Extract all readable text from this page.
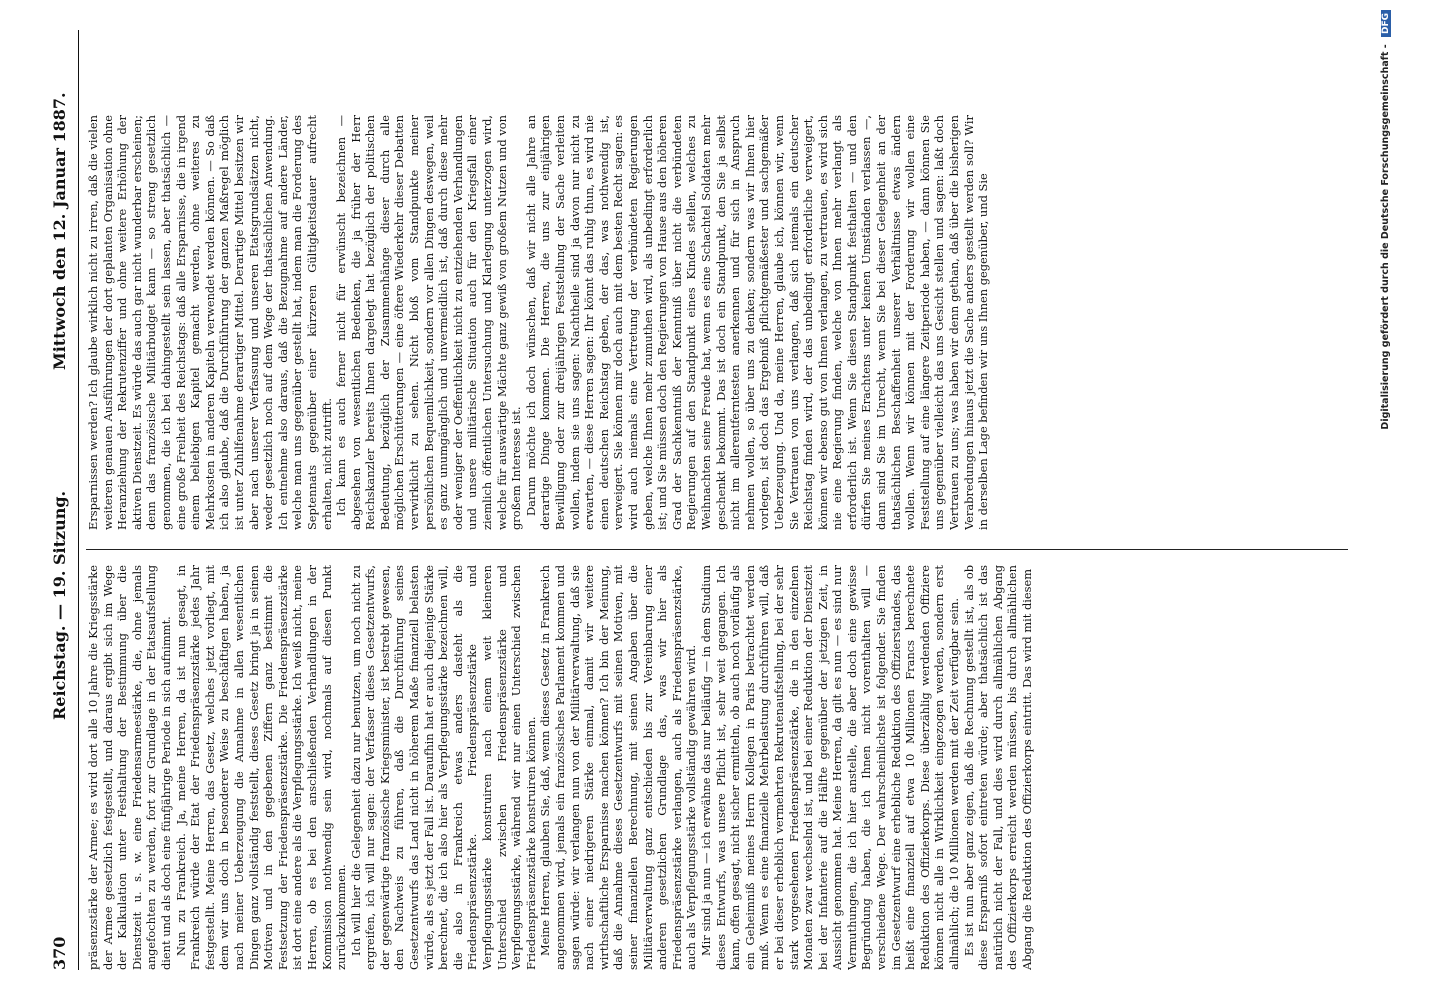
370
Reichstag. — 19. Sitzung.
Mittwoch den 12. Januar 1887.

präsenzstärke der Armee; es wird dort alle 10 Jahre die Kriegsstärke der Armee gesetzlich festgestellt, und daraus ergibt sich im Wege der Kalkulation unter Festhaltung der Bestimmung über die Dienstzeit u. s. w. eine Friedensarmeestärke, die, ohne jemals angefochten zu werden, fort zur Grundlage in der Etatsaufstellung dient und als doch eine fünfjährige Periode in sich aufnimmt. Nun zu Frankreich. Ja, meine Herren, da ist nun gesagt, in Frankreich würde der Etat der Friedenspräsenzstärke jedes Jahr festgestellt. Meine Herren, das Gesetz, welches jetzt vorliegt, mit dem wir uns doch in besonderer Weise zu beschäftigen haben, ja nach meiner Ueberzeugung die Annahme in allen wesentlichen Dingen ganz vollständig feststellt, dieses Gesetz bringt ja in seinen Motiven und in den gegebenen Ziffern ganz bestimmt die Festsetzung der Friedenspräsenzstärke. Die Friedenspräsenzstärke ist dort eine andere als die Verpflegungsstärke. Ich weiß nicht, meine Herren, ob es bei den anschließenden Verhandlungen in der Kommission nothwendig sein wird, nochmals auf diesen Punkt zurückzukommen. Ich will hier die Gelegenheit dazu nur benutzen, um noch nicht zu ergreifen, ich will nur sagen: der Verfasser dieses Gesetzentwurfs, der gegenwärtige französische Kriegsminister, ist bestrebt gewesen, den Nachweis zu führen, daß die Durchführung seines Gesetzentwurfs das Land nicht in höherem Maße finanziell belasten würde, als es jetzt der Fall ist. Daraufhin hat er auch diejenige Stärke berechnet, die ich also hier als Verpflegungsstärke bezeichnen will, die also in Frankreich etwas anders dasteht als die Friedenspräsenzstärke. Friedenspräsenzstärke und Verpflegungsstärke konstruiren nach einem weit kleineren Unterschied zwischen Friedenspräsenzstärke und Verpflegungsstärke, während wir nur einen Unterschied zwischen Friedenspräsenzstärke konstruiren können. Meine Herren, glauben Sie, daß, wenn dieses Gesetz in Frankreich angenommen wird, jemals ein französisches Parlament kommen und sagen würde: wir verlangen nun von der Militärverwaltung, daß sie nach einer niedrigeren Stärke einmal, damit wir weitere wirthschaftliche Ersparnisse machen können? Ich bin der Meinung, daß die Annahme dieses Gesetzentwurfs mit seinen Motiven, mit seiner finanziellen Berechnung, mit seinen Angaben über die Militärverwaltung ganz entschieden bis zur Vereinbarung einer anderen gesetzlichen Grundlage das, was wir hier als Friedenspräsenzstärke verlangen, auch als Friedenspräsenzstärke, auch als Verpflegungsstärke vollständig gewähren wird. Mir sind ja nun — ich erwähne das nur beiläufig — in dem Studium dieses Entwurfs, was unsere Pflicht ist, sehr weit gegangen. Ich kann, offen gesagt, nicht sicher ermitteln, ob auch noch vorläufig als ein Geheimniß meines Herrn Kollegen in Paris betrachtet werden muß. Wenn es eine finanzielle Mehrbelastung durchführen will, daß er bei dieser erheblich vermehrten Rekrutenaufstellung, bei der sehr stark vorgesehenen Friedenspräsenzstärke, die in den einzelnen Monaten zwar wechselnd ist, und bei einer Reduktion der Dienstzeit bei der Infanterie auf die Hälfte gegenüber der jetzigen Zeit, in Aussicht genommen hat. Meine Herren, da gilt es nun — es sind nur Vermuthungen, die ich hier anstelle, die aber doch eine gewisse Begründung haben, die ich Ihnen nicht vorenthalten will — verschiedene Wege. Der wahrscheinlichste ist folgender. Sie finden im Gesetzentwurf eine erhebliche Reduktion des Offizierstandes, das heißt eine finanziell auf etwa 10 Millionen Francs berechnete Reduktion des Offizierkorps. Diese überzählig werdenden Offiziere können nicht alle in Wirklichkeit eingezogen werden, sondern erst allmählich; die 10 Millionen werden mit der Zeit verfügbar sein. Es ist nun aber ganz eigen, daß die Rechnung gestellt ist, als ob diese Ersparniß sofort eintreten würde; aber thatsächlich ist das natürlich nicht der Fall, und dies wird durch allmählichen Abgang des Offizierkorps erreicht werden müssen, bis durch allmählichen Abgang die Reduktion des Offizierkorps eintritt. Das wird mit diesem

Ersparnissen werden? Ich glaube wirklich nicht zu irren, daß die vielen weiteren genauen Ausführungen der dort geplanten Organisation ohne Heranziehung der Rekrutenziffer und ohne weitere Erhöhung der aktiven Dienstzeit. Es würde das auch gar nicht wunderbar erscheinen; denn das französische Militärbudget kann — so streng gesetzlich genommen, die ich bei dahingestellt sein lassen, aber thatsächlich — eine große Freiheit des Reichstags: daß alle Ersparnisse, die in irgend einem beliebigen Kapitel gemacht werden, ohne weiteres zu Mehrkosten in anderen Kapiteln verwendet werden können. — So daß ich also glaube, daß die Durchführung der ganzen Maßregel möglich ist unter Zuhilfenahme derartiger Mittel. Derartige Mittel besitzen wir aber nach unserer Verfassung und unseren Etatsgrundsätzen nicht, weder gesetzlich noch auf dem Wege der thatsächlichen Anwendung. Ich entnehme also daraus, daß die Bezugnahme auf andere Länder, welche man uns gegenüber gestellt hat, indem man die Forderung des Septennats gegenüber einer kürzeren Gültigkeitsdauer aufrecht erhalten, nicht zutrifft. Ich kann es auch ferner nicht für erwünscht bezeichnen — abgesehen von wesentlichen Bedenken, die ja früher der Herr Reichskanzler bereits Ihnen dargelegt hat bezüglich der politischen Bedeutung, bezüglich der Zusammenhänge dieser durch alle möglichen Erschütterungen — eine öftere Wiederkehr dieser Debatten verwirklicht zu sehen. Nicht bloß vom Standpunkte meiner persönlichen Bequemlichkeit, sondern vor allen Dingen deswegen, weil es ganz unumgänglich und unvermeidlich ist, daß durch diese mehr oder weniger der Oeffentlichkeit nicht zu entziehenden Verhandlungen und unsere militärische Situation auch für den Kriegsfall einer ziemlich öffentlichen Untersuchung und Klarlegung unterzogen wird, welche für auswärtige Mächte ganz gewiß von großem Nutzen und von großem Interesse ist. Darum möchte ich doch wünschen, daß wir nicht alle Jahre an derartige Dinge kommen. Die Herren, die uns zur einjährigen Bewilligung oder zur dreijährigen Feststellung der Sache verleiten wollen, indem sie uns sagen: Nachtheile sind ja davon nur nicht zu erwarten, — diese Herren sagen: Ihr könnt das ruhig thun, es wird nie einen deutschen Reichstag geben, der das, was nothwendig ist, verweigert. Sie können mir doch auch mit dem besten Recht sagen: es wird auch niemals eine Vertretung der verbündeten Regierungen geben, welche Ihnen mehr zumuthen wird, als unbedingt erforderlich ist; und Sie müssen doch den Regierungen von Hause aus den höheren Grad der Sachkenntniß der Kenntniß über nicht die verbündeten Regierungen auf den Standpunkt eines Kindes stellen, welches zu Weihnachten seine Freude hat, wenn es eine Schachtel Soldaten mehr geschenkt bekommt. Das ist doch ein Standpunkt, den Sie ja selbst nicht im allerentferntesten anerkennen und für sich in Anspruch nehmen wollen, so über uns zu denken; sondern was wir Ihnen hier vorlegen, ist doch das Ergebniß pflichtgemäßester und sachgemäßer Ueberzeugung. Und da, meine Herren, glaube ich, können wir, wenn Sie Vertrauen von uns verlangen, daß sich niemals ein deutscher Reichstag finden wird, der das unbedingt erforderliche verweigert, können wir ebenso gut von Ihnen verlangen, zu vertrauen, es wird sich nie eine Regierung finden, welche von Ihnen mehr verlangt als erforderlich ist. Wenn Sie diesen Standpunkt festhalten — und den dürfen Sie meines Erachtens unter keinen Umständen verlassen —, dann sind Sie im Unrecht, wenn Sie bei dieser Gelegenheit an der thatsächlichen Beschaffenheit unserer Verhältnisse etwas ändern wollen. Wenn wir können mit der Forderung wir wollen eine Feststellung auf eine längere Zeitperiode haben, — dann können Sie uns gegenüber vielleicht das uns Gesicht stellen und sagen: laßt doch Vertrauen zu uns; was haben wir denn gethan, daß über die bisherigen Verabredungen hinaus jetzt die Sache anders gestellt werden soll? Wir in derselben Lage befinden wir uns Ihnen gegenüber, und Sie	Digitalisierung gefördert durch die Deutsche Forschungsgemeinschaft - DFG
